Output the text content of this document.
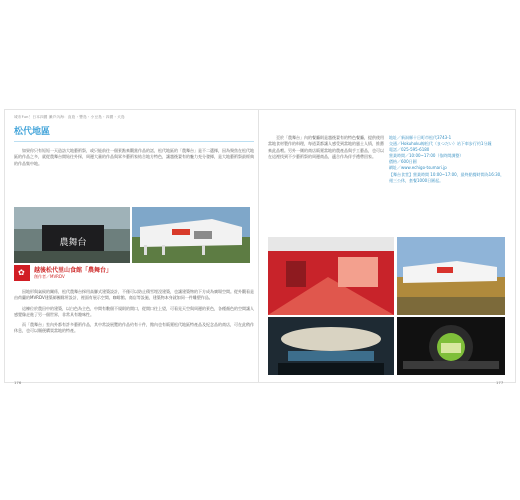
城市Fun！日本四國 瀨戶內海：直島・豐島・小豆島・四國・犬島
松代地區

如果你只有短短一天造訪大地藝術祭，或只能前往一個景點來觀賞作品的話，松代地區的「農舞台」是不二選擇，因為聚焦在松代地區的作品之多，就從農舞台開始往外探，周邊大量的作品與眾多藝術家結合地方特色，讓越後妻有的魅力充分發揮，是大地藝術祭最經典的作品集中地。

農舞台
✿ 越後松代里山食館「農舞台」
創作者／MVRDV

因地形與氣候的關係，松代農舞台採用高腳式建築設計，不僅可以防止積雪埋沒建築，也讓建築物的下方成為廣場空間。從外觀看是由荷蘭的MVRDV建築師團隊所設計，裡面有展示空間、咖啡館、商店等設施，建築物本身就如同一件雕塑作品。

這棟位於農田中的建築，以白色為主色，中間有數個不規則的開口，從開口往上望，可看見天空與周邊的景色，各種顏色的空間讓人感覺像走進了另一個世界，非常具有趣味性。

而「農舞台」室內外都有許多藝術作品，其中常設展覽的作品約有十件，館內也有販賣松代地區特產品及紀念品的商店，可在此稍作休息，也可以順便購買當地的特產。

至於「農舞台」內的餐廳則是越後妻有的特色餐廳，提供使用當地食材製作的料理，每道菜都讓人感受到當地的風土人情，推薦來此品嚐。另外一側的商店販賣當地的農產品與手工藝品，也可以在這裡找到不少藝術祭的周邊商品，適合作為伴手禮帶回家。

地址／新潟縣十日町市松代3743-1
交通／Hokuhoku線松代（まつだい）站下車步行約1分鐘
電話／025-595-6180
營業時間／10:00~17:00（依時間調整）
價格／600日圓
網址／www.echigo-tsumari.jp
【舞台食堂】營業時間 10:00~17:00，最終點餐時間為16:30，週三公休，套餐1000日圓起。
176	177
